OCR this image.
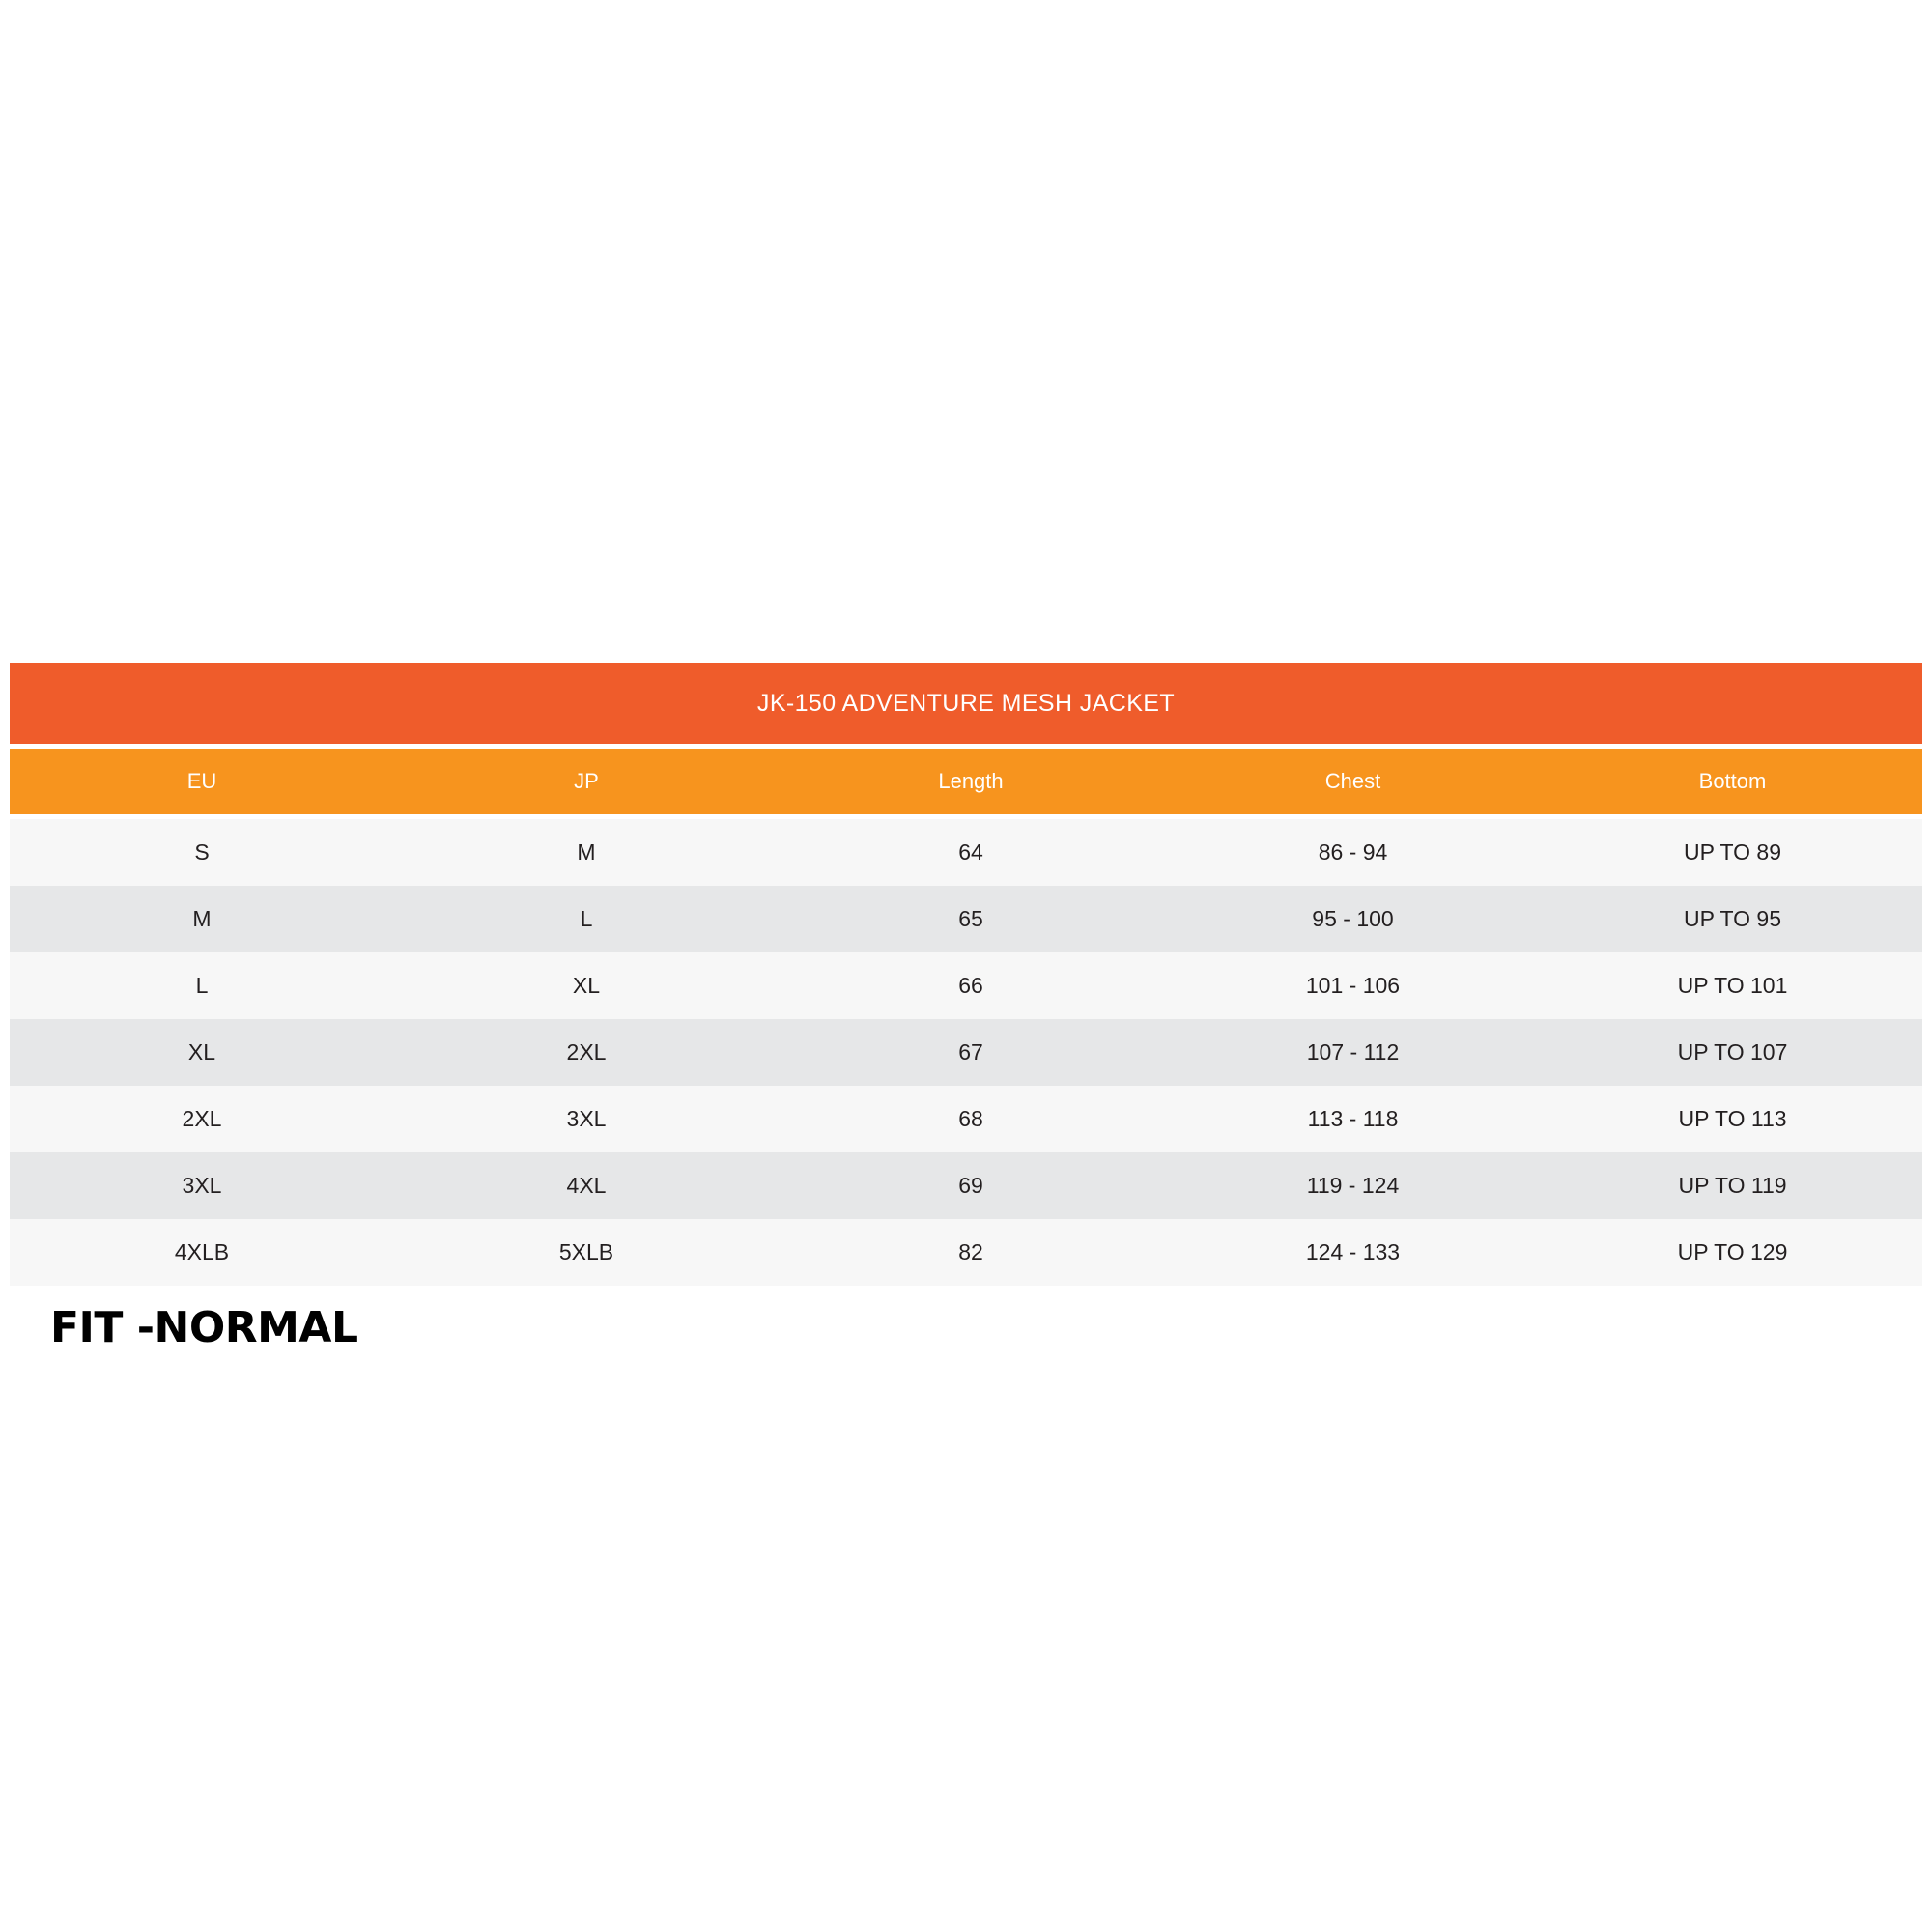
JK-150 ADVENTURE MESH JACKET
EU	JP	Length	Chest	Bottom
S	M	64	86 - 94	UP TO 89
M	L	65	95 - 100	UP TO 95
L	XL	66	101 - 106	UP TO 101
XL	2XL	67	107 - 112	UP TO 107
2XL	3XL	68	113 - 118	UP TO 113
3XL	4XL	69	119 - 124	UP TO 119
4XLB	5XLB	82	124 - 133	UP TO 129
FIT -NORMAL
